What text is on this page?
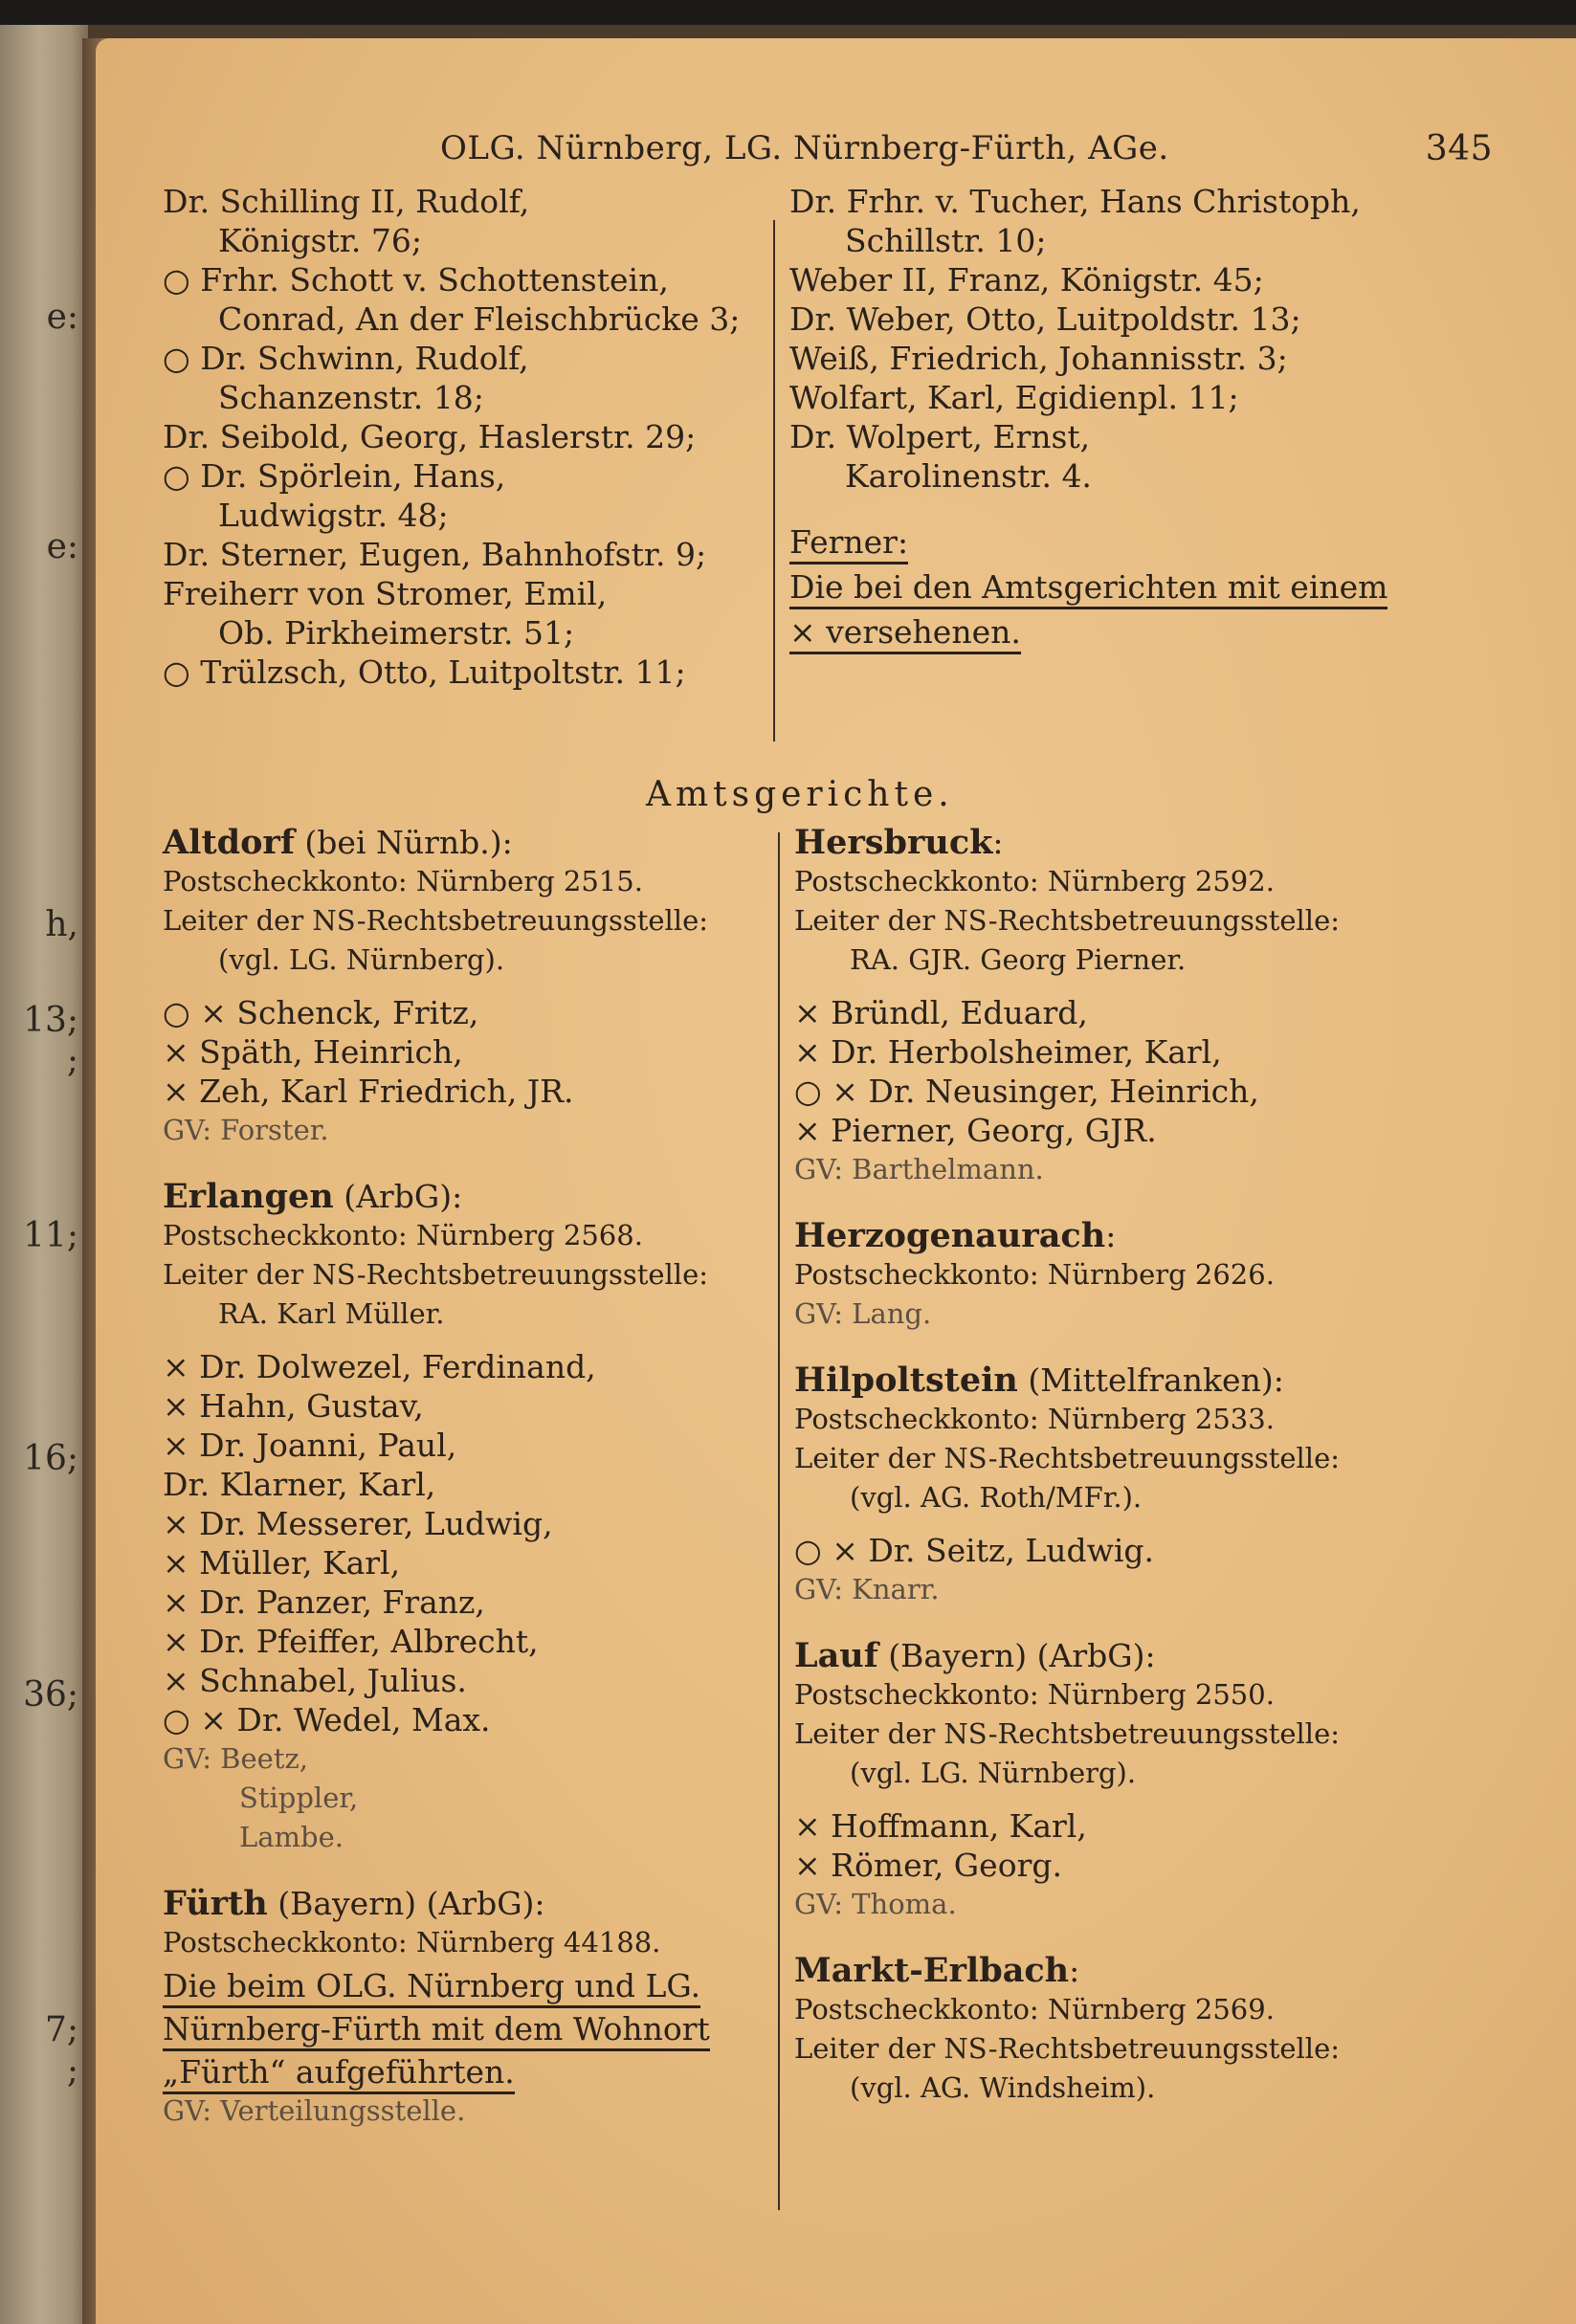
e:
e:
h,
13;
;
11;
16;
36;
7;
;
OLG. Nürnberg, LG. Nürnberg-Fürth, AGe.	345
Dr. Schilling II, Rudolf,
Königstr. 76;
○ Frhr. Schott v. Schottenstein,
Conrad, An der Fleischbrücke 3;
○ Dr. Schwinn, Rudolf,
Schanzenstr. 18;
Dr. Seibold, Georg, Haslerstr. 29;
○ Dr. Spörlein, Hans,
Ludwigstr. 48;
Dr. Sterner, Eugen, Bahnhofstr. 9;
Freiherr von Stromer, Emil,
Ob. Pirkheimerstr. 51;
○ Trülzsch, Otto, Luitpoltstr. 11;
Dr. Frhr. v. Tucher, Hans Christoph,
Schillstr. 10;
Weber II, Franz, Königstr. 45;
Dr. Weber, Otto, Luitpoldstr. 13;
Weiß, Friedrich, Johannisstr. 3;
Wolfart, Karl, Egidienpl. 11;
Dr. Wolpert, Ernst,
Karolinenstr. 4.
Ferner:
Die bei den Amtsgerichten mit einem
× versehenen.
Amtsgerichte.
Altdorf (bei Nürnb.):
Postscheckkonto: Nürnberg 2515.
Leiter der NS-Rechtsbetreuungsstelle:
(vgl. LG. Nürnberg).
○ × Schenck, Fritz,
× Späth, Heinrich,
× Zeh, Karl Friedrich, JR.
GV: Forster.
Erlangen (ArbG):
Postscheckkonto: Nürnberg 2568.
Leiter der NS-Rechtsbetreuungsstelle:
RA. Karl Müller.
× Dr. Dolwezel, Ferdinand,
× Hahn, Gustav,
× Dr. Joanni, Paul,
Dr. Klarner, Karl,
× Dr. Messerer, Ludwig,
× Müller, Karl,
× Dr. Panzer, Franz,
× Dr. Pfeiffer, Albrecht,
× Schnabel, Julius.
○ × Dr. Wedel, Max.
GV: Beetz,
Stippler,
Lambe.
Fürth (Bayern) (ArbG):
Postscheckkonto: Nürnberg 44188.
Die beim OLG. Nürnberg und LG.
Nürnberg-Fürth mit dem Wohnort
„Fürth“ aufgeführten.
GV: Verteilungsstelle.
Hersbruck:
Postscheckkonto: Nürnberg 2592.
Leiter der NS-Rechtsbetreuungsstelle:
RA. GJR. Georg Pierner.
× Bründl, Eduard,
× Dr. Herbolsheimer, Karl,
○ × Dr. Neusinger, Heinrich,
× Pierner, Georg, GJR.
GV: Barthelmann.
Herzogenaurach:
Postscheckkonto: Nürnberg 2626.
GV: Lang.
Hilpoltstein (Mittelfranken):
Postscheckkonto: Nürnberg 2533.
Leiter der NS-Rechtsbetreuungsstelle:
(vgl. AG. Roth/MFr.).
○ × Dr. Seitz, Ludwig.
GV: Knarr.
Lauf (Bayern) (ArbG):
Postscheckkonto: Nürnberg 2550.
Leiter der NS-Rechtsbetreuungsstelle:
(vgl. LG. Nürnberg).
× Hoffmann, Karl,
× Römer, Georg.
GV: Thoma.
Markt-Erlbach:
Postscheckkonto: Nürnberg 2569.
Leiter der NS-Rechtsbetreuungsstelle:
(vgl. AG. Windsheim).
